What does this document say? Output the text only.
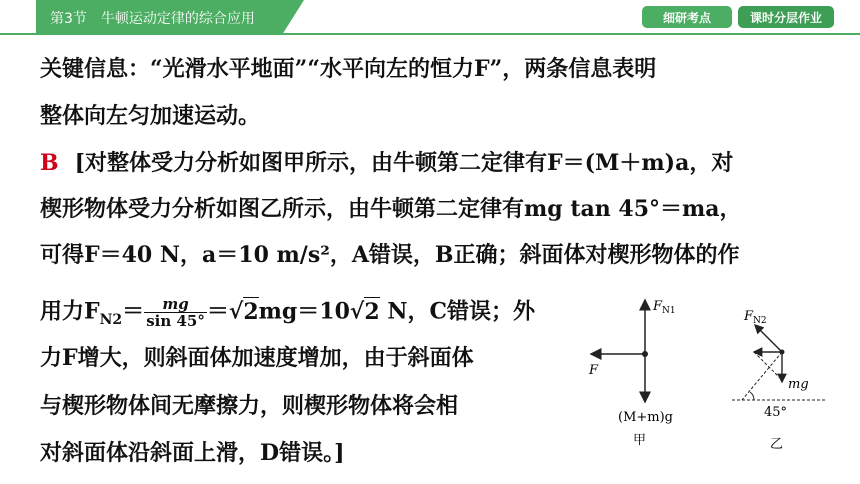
第3节 牛顿运动定律的综合应用	细研考点	课时分层作业
关键信息：“光滑水平地面”“水平向左的恒力F”，两条信息表明
整体向左匀加速运动。
B [对整体受力分析如图甲所示，由牛顿第二定律有F＝(M＋m)a，对
楔形物体受力分析如图乙所示，由牛顿第二定律有mg tan 45°＝ma，
可得F＝40 N，a＝10 m/s²，A错误，B正确；斜面体对楔形物体的作
用力$F_{N2}= \frac{mg}{\sin 45^\circ} =√2mg=10√2$ N，C错误；外
力F增大，则斜面体加速度增加，由于斜面体
与楔形物体间无摩擦力，则楔形物体将会相
对斜面体沿斜面上滑，D错误。]
$F_{N1}$
F
(M+m)g
甲
$F_{N2}$
mg
45°
乙
